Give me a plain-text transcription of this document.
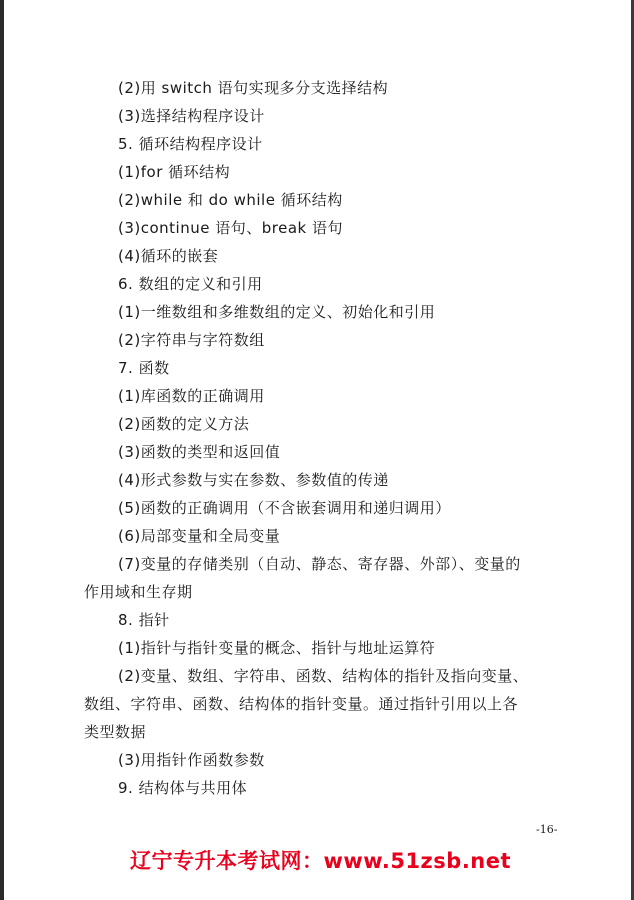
(2)用 switch 语句实现多分支选择结构
(3)选择结构程序设计
5. 循环结构程序设计
(1)for 循环结构
(2)while 和 do while 循环结构
(3)continue 语句、break 语句
(4)循环的嵌套
6. 数组的定义和引用
(1)一维数组和多维数组的定义、初始化和引用
(2)字符串与字符数组
7. 函数
(1)库函数的正确调用
(2)函数的定义方法
(3)函数的类型和返回值
(4)形式参数与实在参数、参数值的传递
(5)函数的正确调用（不含嵌套调用和递归调用）
(6)局部变量和全局变量
(7)变量的存储类别（自动、静态、寄存器、外部）、变量的
作用域和生存期
8. 指针
(1)指针与指针变量的概念、指针与地址运算符
(2)变量、数组、字符串、函数、结构体的指针及指向变量、
数组、字符串、函数、结构体的指针变量。通过指针引用以上各
类型数据
(3)用指针作函数参数
9. 结构体与共用体
-16-
辽宁专升本考试网：www.51zsb.net
